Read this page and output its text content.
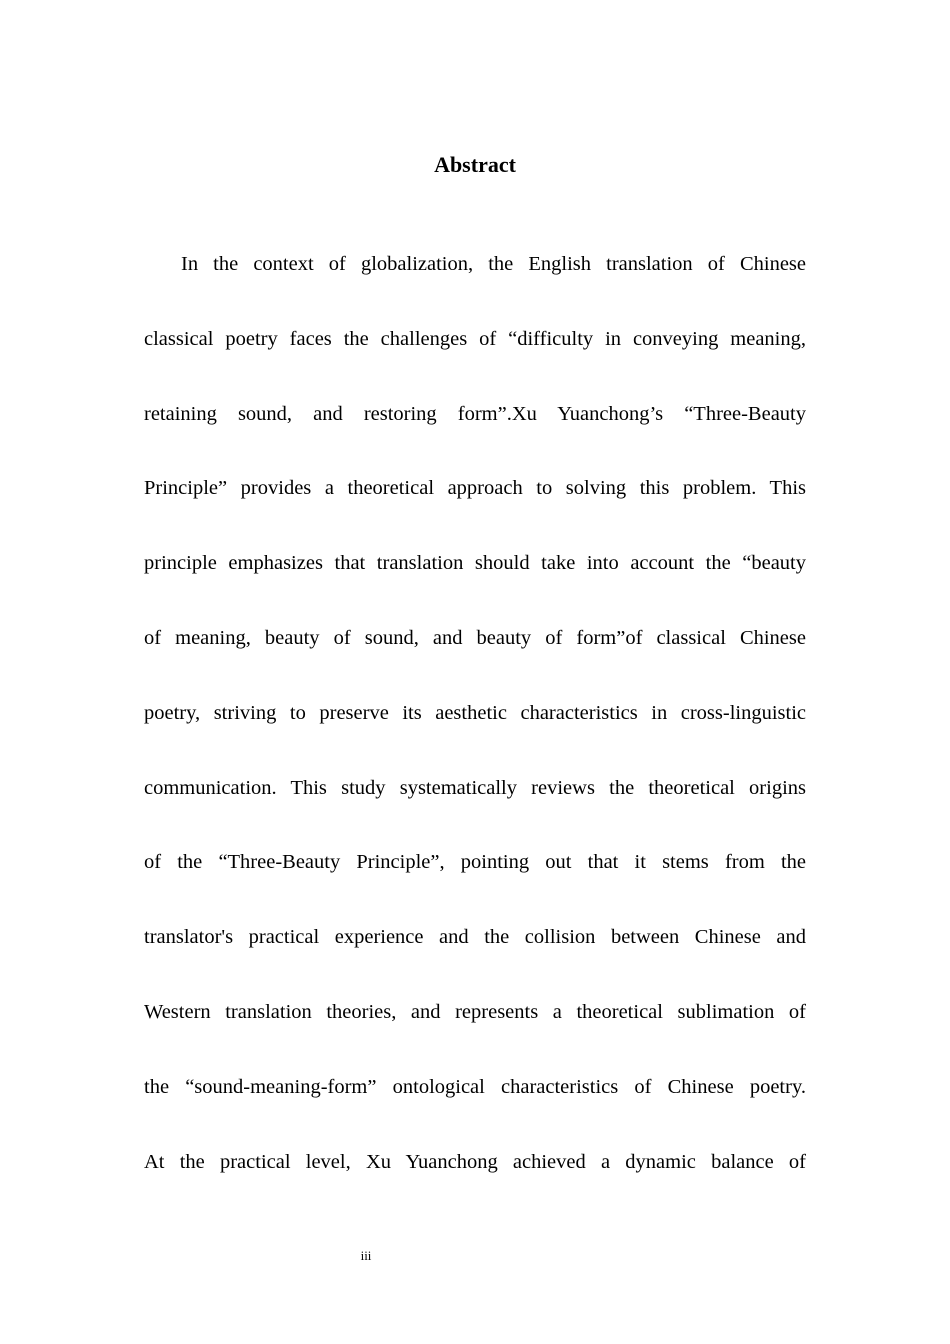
Abstract
In the context of globalization, the English translation of Chinese
classical poetry faces the challenges of “difficulty in conveying meaning,
retaining sound, and restoring form”.Xu Yuanchong’s “Three-Beauty
Principle” provides a theoretical approach to solving this problem. This
principle emphasizes that translation should take into account the “beauty
of meaning, beauty of sound, and beauty of form”of classical Chinese
poetry, striving to preserve its aesthetic characteristics in cross-linguistic
communication. This study systematically reviews the theoretical origins
of the “Three-Beauty Principle”, pointing out that it stems from the
translator's practical experience and the collision between Chinese and
Western translation theories, and represents a theoretical sublimation of
the “sound-meaning-form” ontological characteristics of Chinese poetry.
At the practical level, Xu Yuanchong achieved a dynamic balance of
iii
